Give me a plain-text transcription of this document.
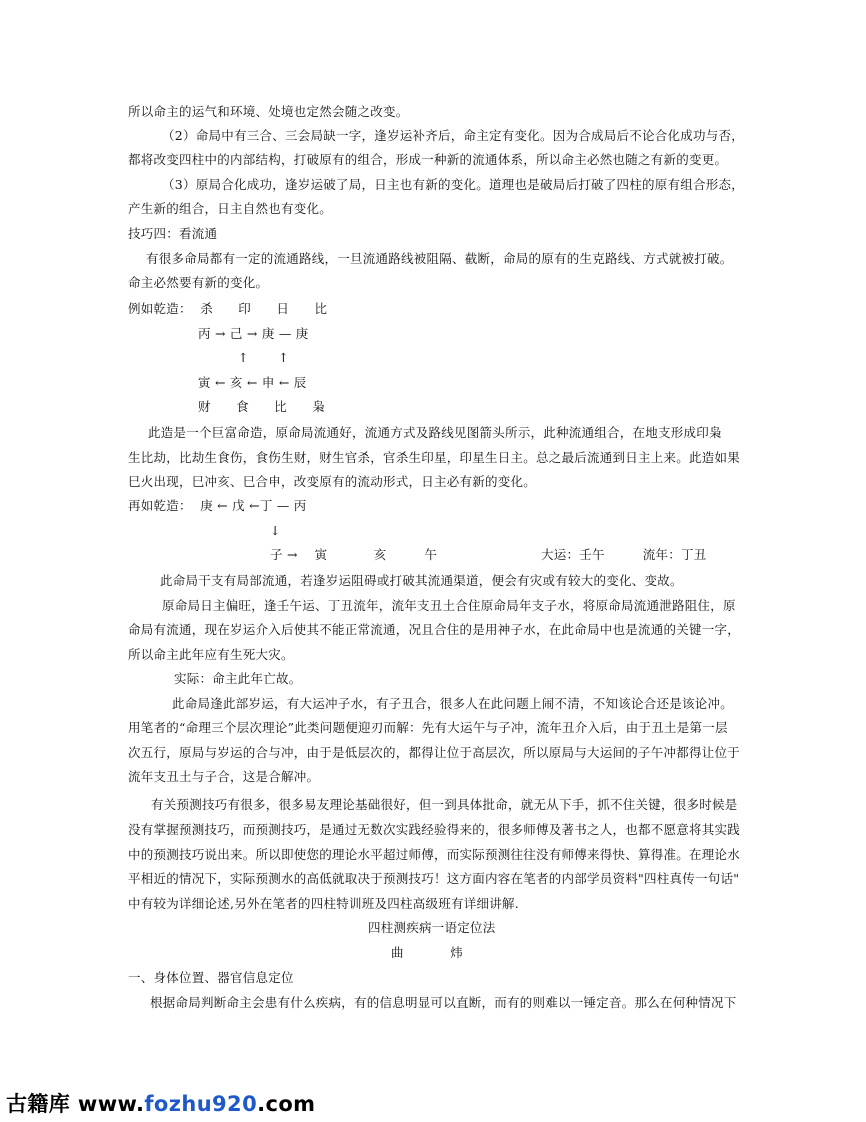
所以命主的运气和环境、处境也定然会随之改变。
（2）命局中有三合、三会局缺一字，逢岁运补齐后，命主定有变化。因为合成局后不论合化成功与否，
都将改变四柱中的内部结构，打破原有的组合，形成一种新的流通体系，所以命主必然也随之有新的变更。
（3）原局合化成功，逢岁运破了局，日主也有新的变化。道理也是破局后打破了四柱的原有组合形态，
产生新的组合，日主自然也有变化。
技巧四：看流通
有很多命局都有一定的流通路线，一旦流通路线被阻隔、截断，命局的原有的生克路线、方式就被打破。
命主必然要有新的变化。
例如乾造：  杀      印      日      比
丙 → 己 → 庚 — 庚
↑       ↑
寅 ← 亥 ← 申 ← 辰
财      食      比      枭
此造是一个巨富命造，原命局流通好，流通方式及路线见图箭头所示，此种流通组合，在地支形成印枭
生比劫，比劫生食伤，食伤生财，财生官杀，官杀生印星，印星生日主。总之最后流通到日主上来。此造如果
巳火出现，巳冲亥、巳合申，改变原有的流动形式，日主必有新的变化。
再如乾造：  庚 ← 戊 ←丁 — 丙
↓
子 →    寅           亥         午	大运：壬午         流年：丁丑
此命局干支有局部流通，若逢岁运阻碍或打破其流通渠道，便会有灾或有较大的变化、变故。
原命局日主偏旺，逢壬午运、丁丑流年，流年支丑土合住原命局年支子水，将原命局流通泄路阻住，原
命局有流通，现在岁运介入后使其不能正常流通，况且合住的是用神子水，在此命局中也是流通的关键一字，
所以命主此年应有生死大灾。
实际：命主此年亡故。
此命局逢此部岁运，有大运冲子水，有子丑合，很多人在此问题上闹不清，不知该论合还是该论冲。
用笔者的“命理三个层次理论”此类问题便迎刃而解：先有大运午与子冲，流年丑介入后，由于丑土是第一层
次五行，原局与岁运的合与冲，由于是低层次的，都得让位于高层次，所以原局与大运间的子午冲都得让位于
流年支丑土与子合，这是合解冲。
有关预测技巧有很多，很多易友理论基础很好，但一到具体批命，就无从下手，抓不住关键，很多时候是
没有掌握预测技巧，而预测技巧，是通过无数次实践经验得来的，很多师傅及著书之人，也都不愿意将其实践
中的预测技巧说出来。所以即使您的理论水平超过师傅，而实际预测往往没有师傅来得快、算得准。在理论水
平相近的情况下，实际预测水的高低就取决于预测技巧！这方面内容在笔者的内部学员资料"四柱真传一句话"
中有较为详细论述,另外在笔者的四柱特训班及四柱高级班有详细讲解.
四柱测疾病一语定位法
曲           炜
一、身体位置、器官信息定位
根据命局判断命主会患有什么疾病，有的信息明显可以直断，而有的则难以一锤定音。那么在何种情况下
古籍库 www.fozhu920.com
